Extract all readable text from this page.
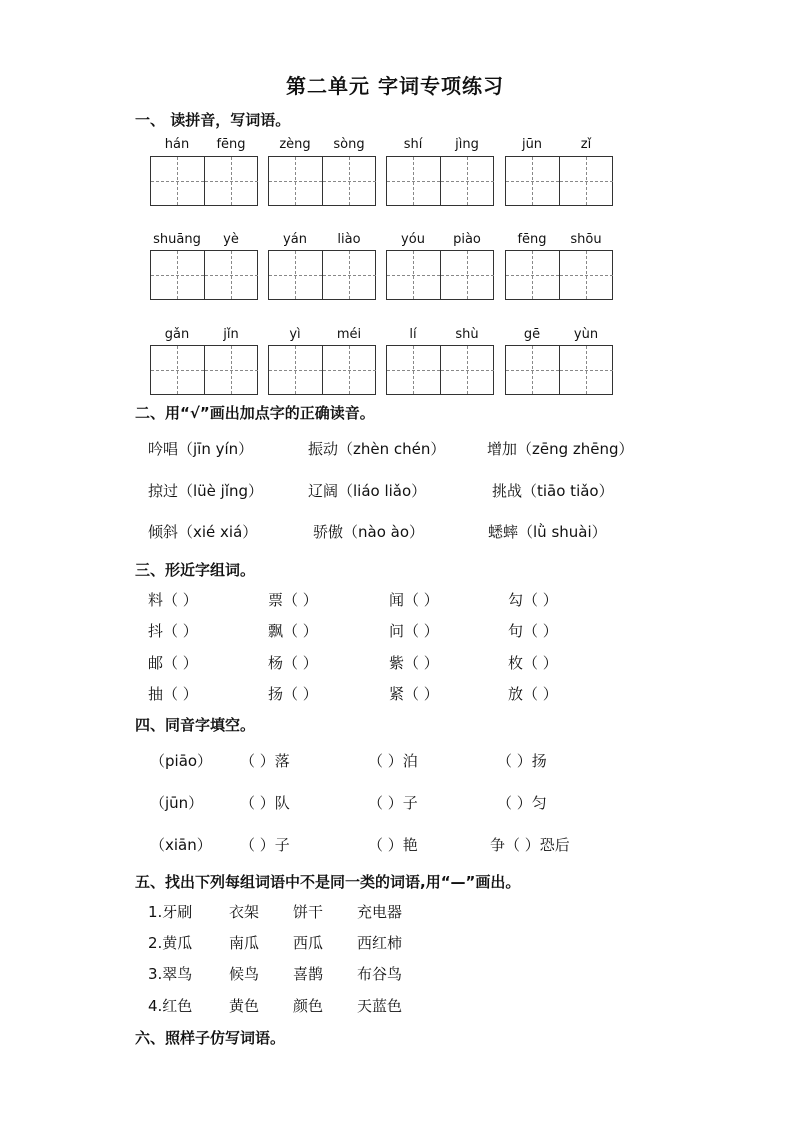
第二单元 字词专项练习
一、 读拼音，写词语。
hán	fēng	zèng	sòng	shí	jìng	jūn	zǐ
shuāng	yè	yán	liào	yóu	piào	fēng	shōu
gǎn	jǐn	yì	méi	lí	shù	gē	yùn
二、用“√”画出加点字的正确读音。
吟唱（jīn yín）	振动（zhèn chén）	增加（zēng zhēng）
掠过（lüè jǐng）	辽阔（liáo liǎo）	挑战（tiāo tiǎo）
倾斜（xié xiá）	骄傲（nào ào）	蟋蟀（lǜ shuài）
三、形近字组词。
料（ ）	票（ ）	闻（ ）	勾（ ）
抖（ ）	飘（ ）	问（ ）	句（ ）
邮（ ）	杨（ ）	紫（ ）	枚（ ）
抽（ ）	扬（ ）	紧（ ）	放（ ）
四、同音字填空。
（piāo） （ ）落	（ ）泊	（ ）扬
（jūn） （ ）队	（ ）子	（ ）匀
（xiān） （ ）子	（ ）艳	争（ ）恐后
五、找出下列每组词语中不是同一类的词语,用“—”画出。
1.牙刷 衣架 饼干 充电器
2.黄瓜 南瓜 西瓜 西红柿
3.翠鸟 候鸟 喜鹊 布谷鸟
4.红色 黄色 颜色 天蓝色
六、照样子仿写词语。
